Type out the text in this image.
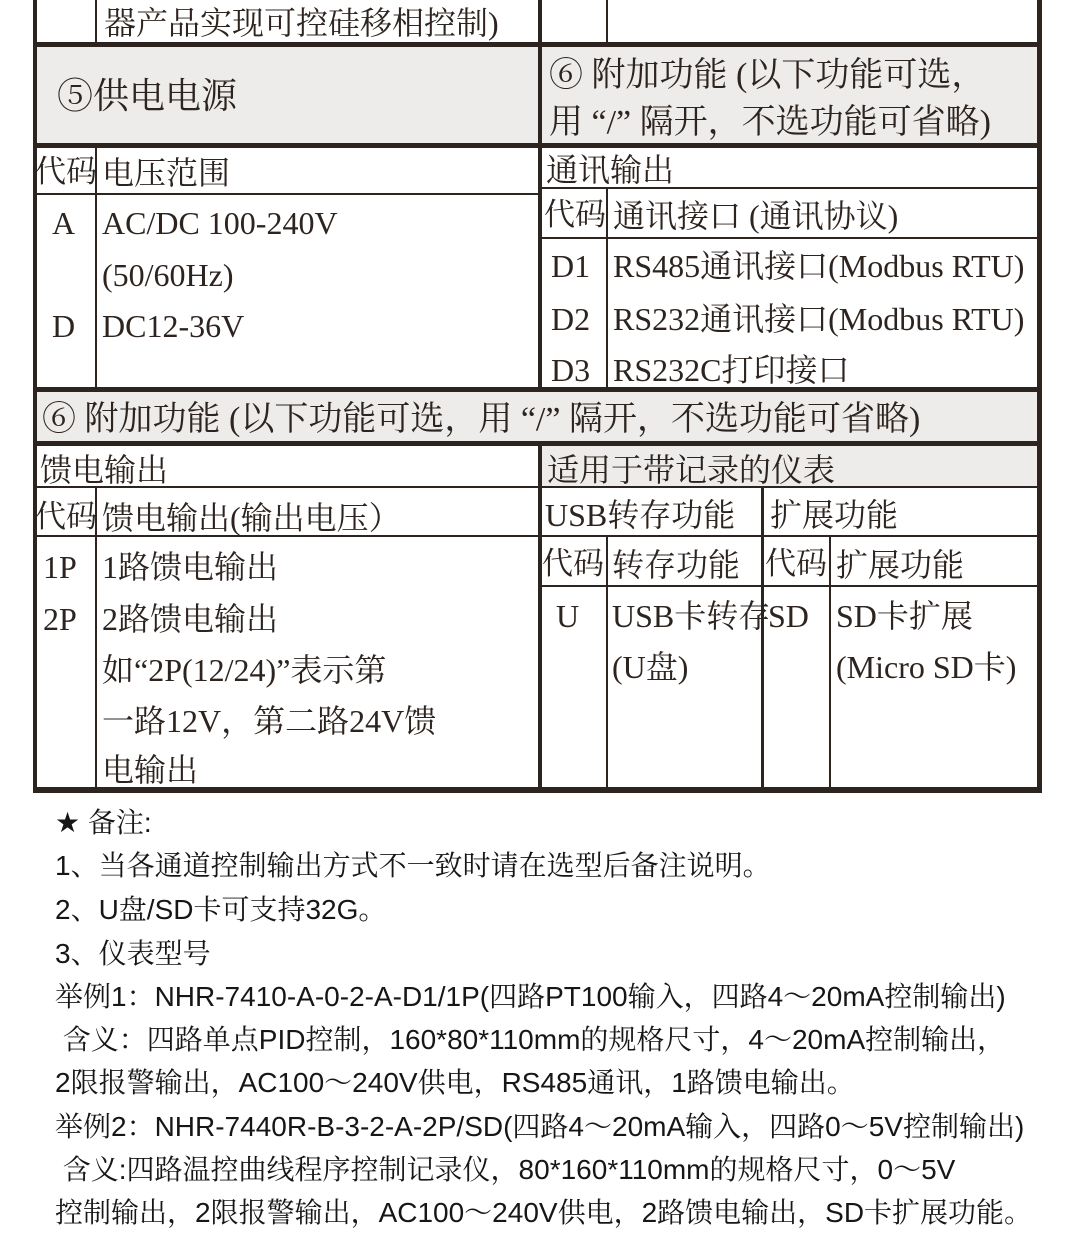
器产品实现可控硅移相控制)
⑤供电电源
代码 电压范围
A AC/DC 100-240V
(50/60Hz)
D DC12-36V
⑥ 附加功能 (以下功能可选，
用 “/” 隔开，不选功能可省略)
通讯输出
代码 通讯接口 (通讯协议)
D1 RS485通讯接口(Modbus RTU)
D2 RS232通讯接口(Modbus RTU)
D3 RS232C打印接口
⑥ 附加功能 (以下功能可选，用 “/” 隔开，不选功能可省略)
馈电输出
代码 馈电输出(输出电压）
1P 1路馈电输出
2P 2路馈电输出
如“2P(12/24)”表示第
一路12V，第二路24V馈
电输出
适用于带记录的仪表
USB转存功能 扩展功能
代码 转存功能 代码 扩展功能
U USB卡转存
(U盘)
SD SD卡扩展
(Micro SD卡)
★ 备注:
1、当各通道控制输出方式不一致时请在选型后备注说明。
2、U盘/SD卡可支持32G。
3、仪表型号
举例1：NHR-7410-A-0-2-A-D1/1P(四路PT100输入，四路4～20mA控制输出)
含义：四路单点PID控制，160*80*110mm的规格尺寸，4～20mA控制输出，
2限报警输出，AC100～240V供电，RS485通讯，1路馈电输出。
举例2：NHR-7440R-B-3-2-A-2P/SD(四路4～20mA输入，四路0～5V控制输出)
含义:四路温控曲线程序控制记录仪，80*160*110mm的规格尺寸，0～5V
控制输出，2限报警输出，AC100～240V供电，2路馈电输出，SD卡扩展功能。
